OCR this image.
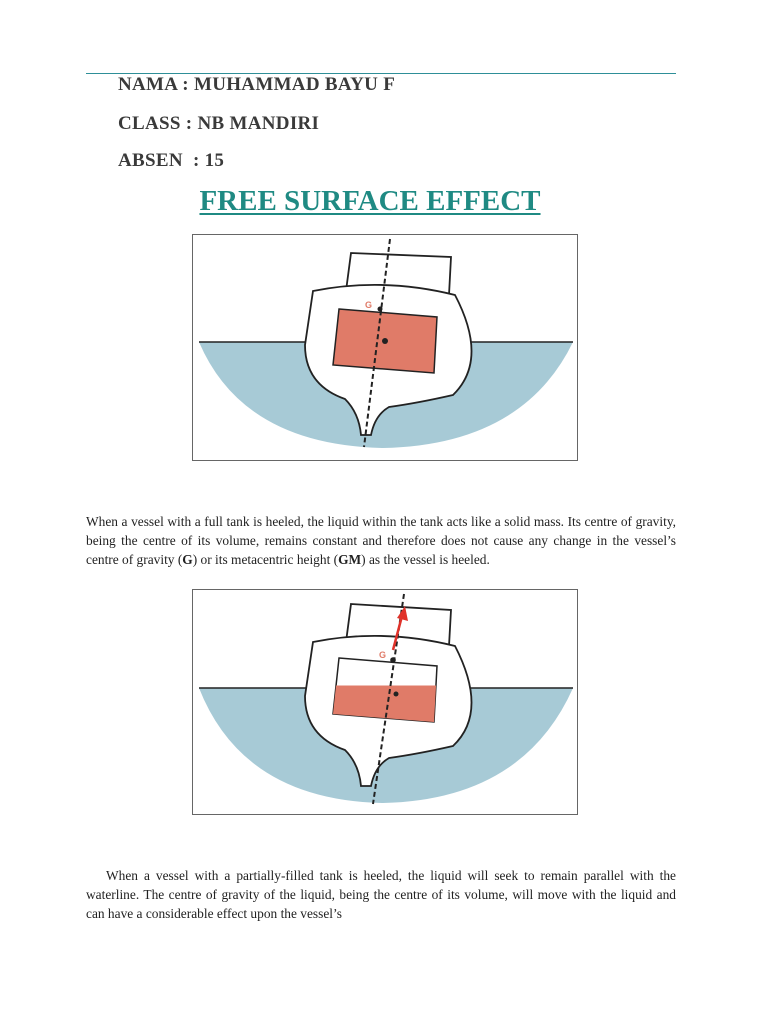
NAMA : MUHAMMAD BAYU F
CLASS : NB MANDIRI
ABSEN  : 15
FREE SURFACE EFFECT
G

When a vessel with a full tank is heeled, the liquid within the tank acts like a solid mass. Its centre of gravity, being the centre of its volume, remains constant and therefore does not cause any change in the vessel’s centre of gravity (G) or its metacentric height (GM) as the vessel is heeled.

G

When a vessel with a partially-filled tank is heeled, the liquid will seek to remain parallel with the waterline. The centre of gravity of the liquid, being the centre of its volume, will move with the liquid and can have a considerable effect upon the vessel’s
